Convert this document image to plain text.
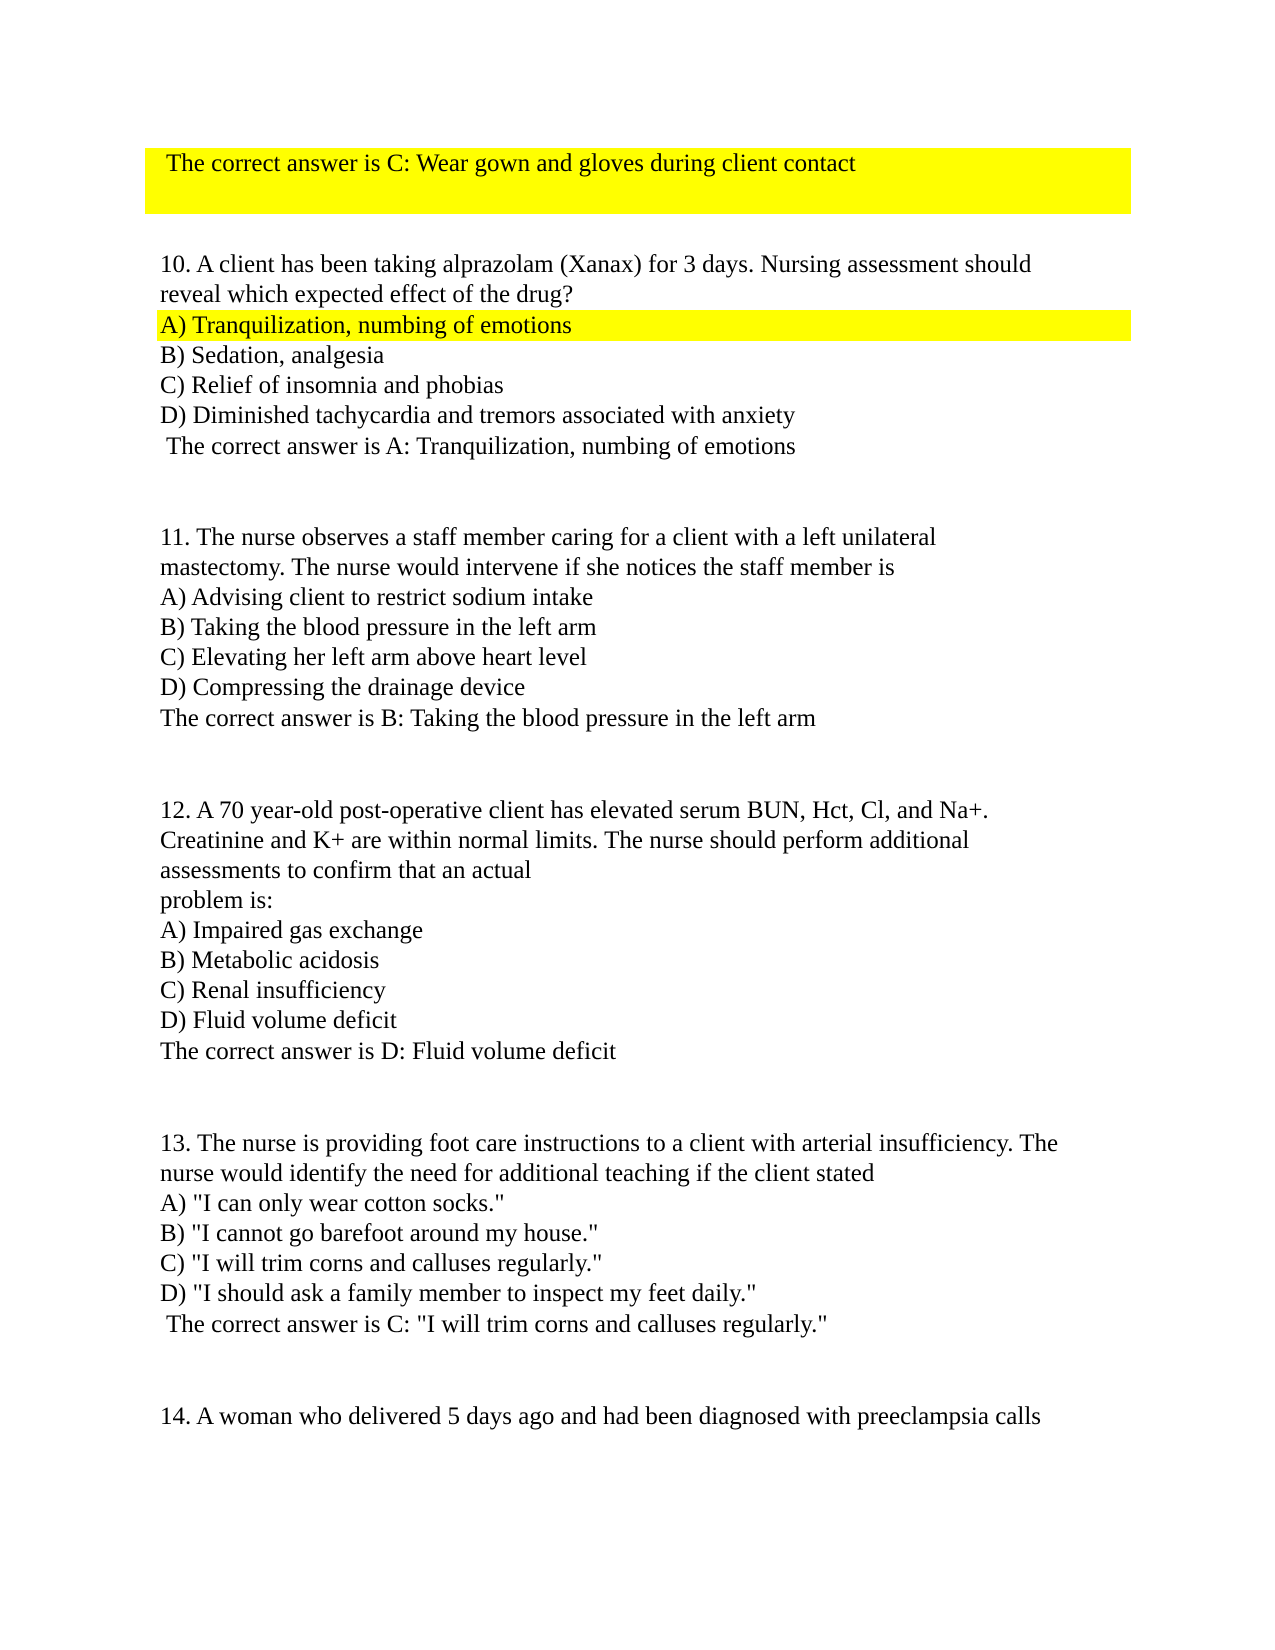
The correct answer is C: Wear gown and gloves during client contact
10. A client has been taking alprazolam (Xanax) for 3 days. Nursing assessment should
reveal which expected effect of the drug?
A) Tranquilization, numbing of emotions
B) Sedation, analgesia
C) Relief of insomnia and phobias
D) Diminished tachycardia and tremors associated with anxiety
The correct answer is A: Tranquilization, numbing of emotions
11. The nurse observes a staff member caring for a client with a left unilateral
mastectomy. The nurse would intervene if she notices the staff member is
A) Advising client to restrict sodium intake
B) Taking the blood pressure in the left arm
C) Elevating her left arm above heart level
D) Compressing the drainage device
The correct answer is B: Taking the blood pressure in the left arm
12. A 70 year-old post-operative client has elevated serum BUN, Hct, Cl, and Na+.
Creatinine and K+ are within normal limits. The nurse should perform additional
assessments to confirm that an actual
problem is:
A) Impaired gas exchange
B) Metabolic acidosis
C) Renal insufficiency
D) Fluid volume deficit
The correct answer is D: Fluid volume deficit
13. The nurse is providing foot care instructions to a client with arterial insufficiency. The
nurse would identify the need for additional teaching if the client stated
A) "I can only wear cotton socks."
B) "I cannot go barefoot around my house."
C) "I will trim corns and calluses regularly."
D) "I should ask a family member to inspect my feet daily."
The correct answer is C: "I will trim corns and calluses regularly."
14. A woman who delivered 5 days ago and had been diagnosed with preeclampsia calls
